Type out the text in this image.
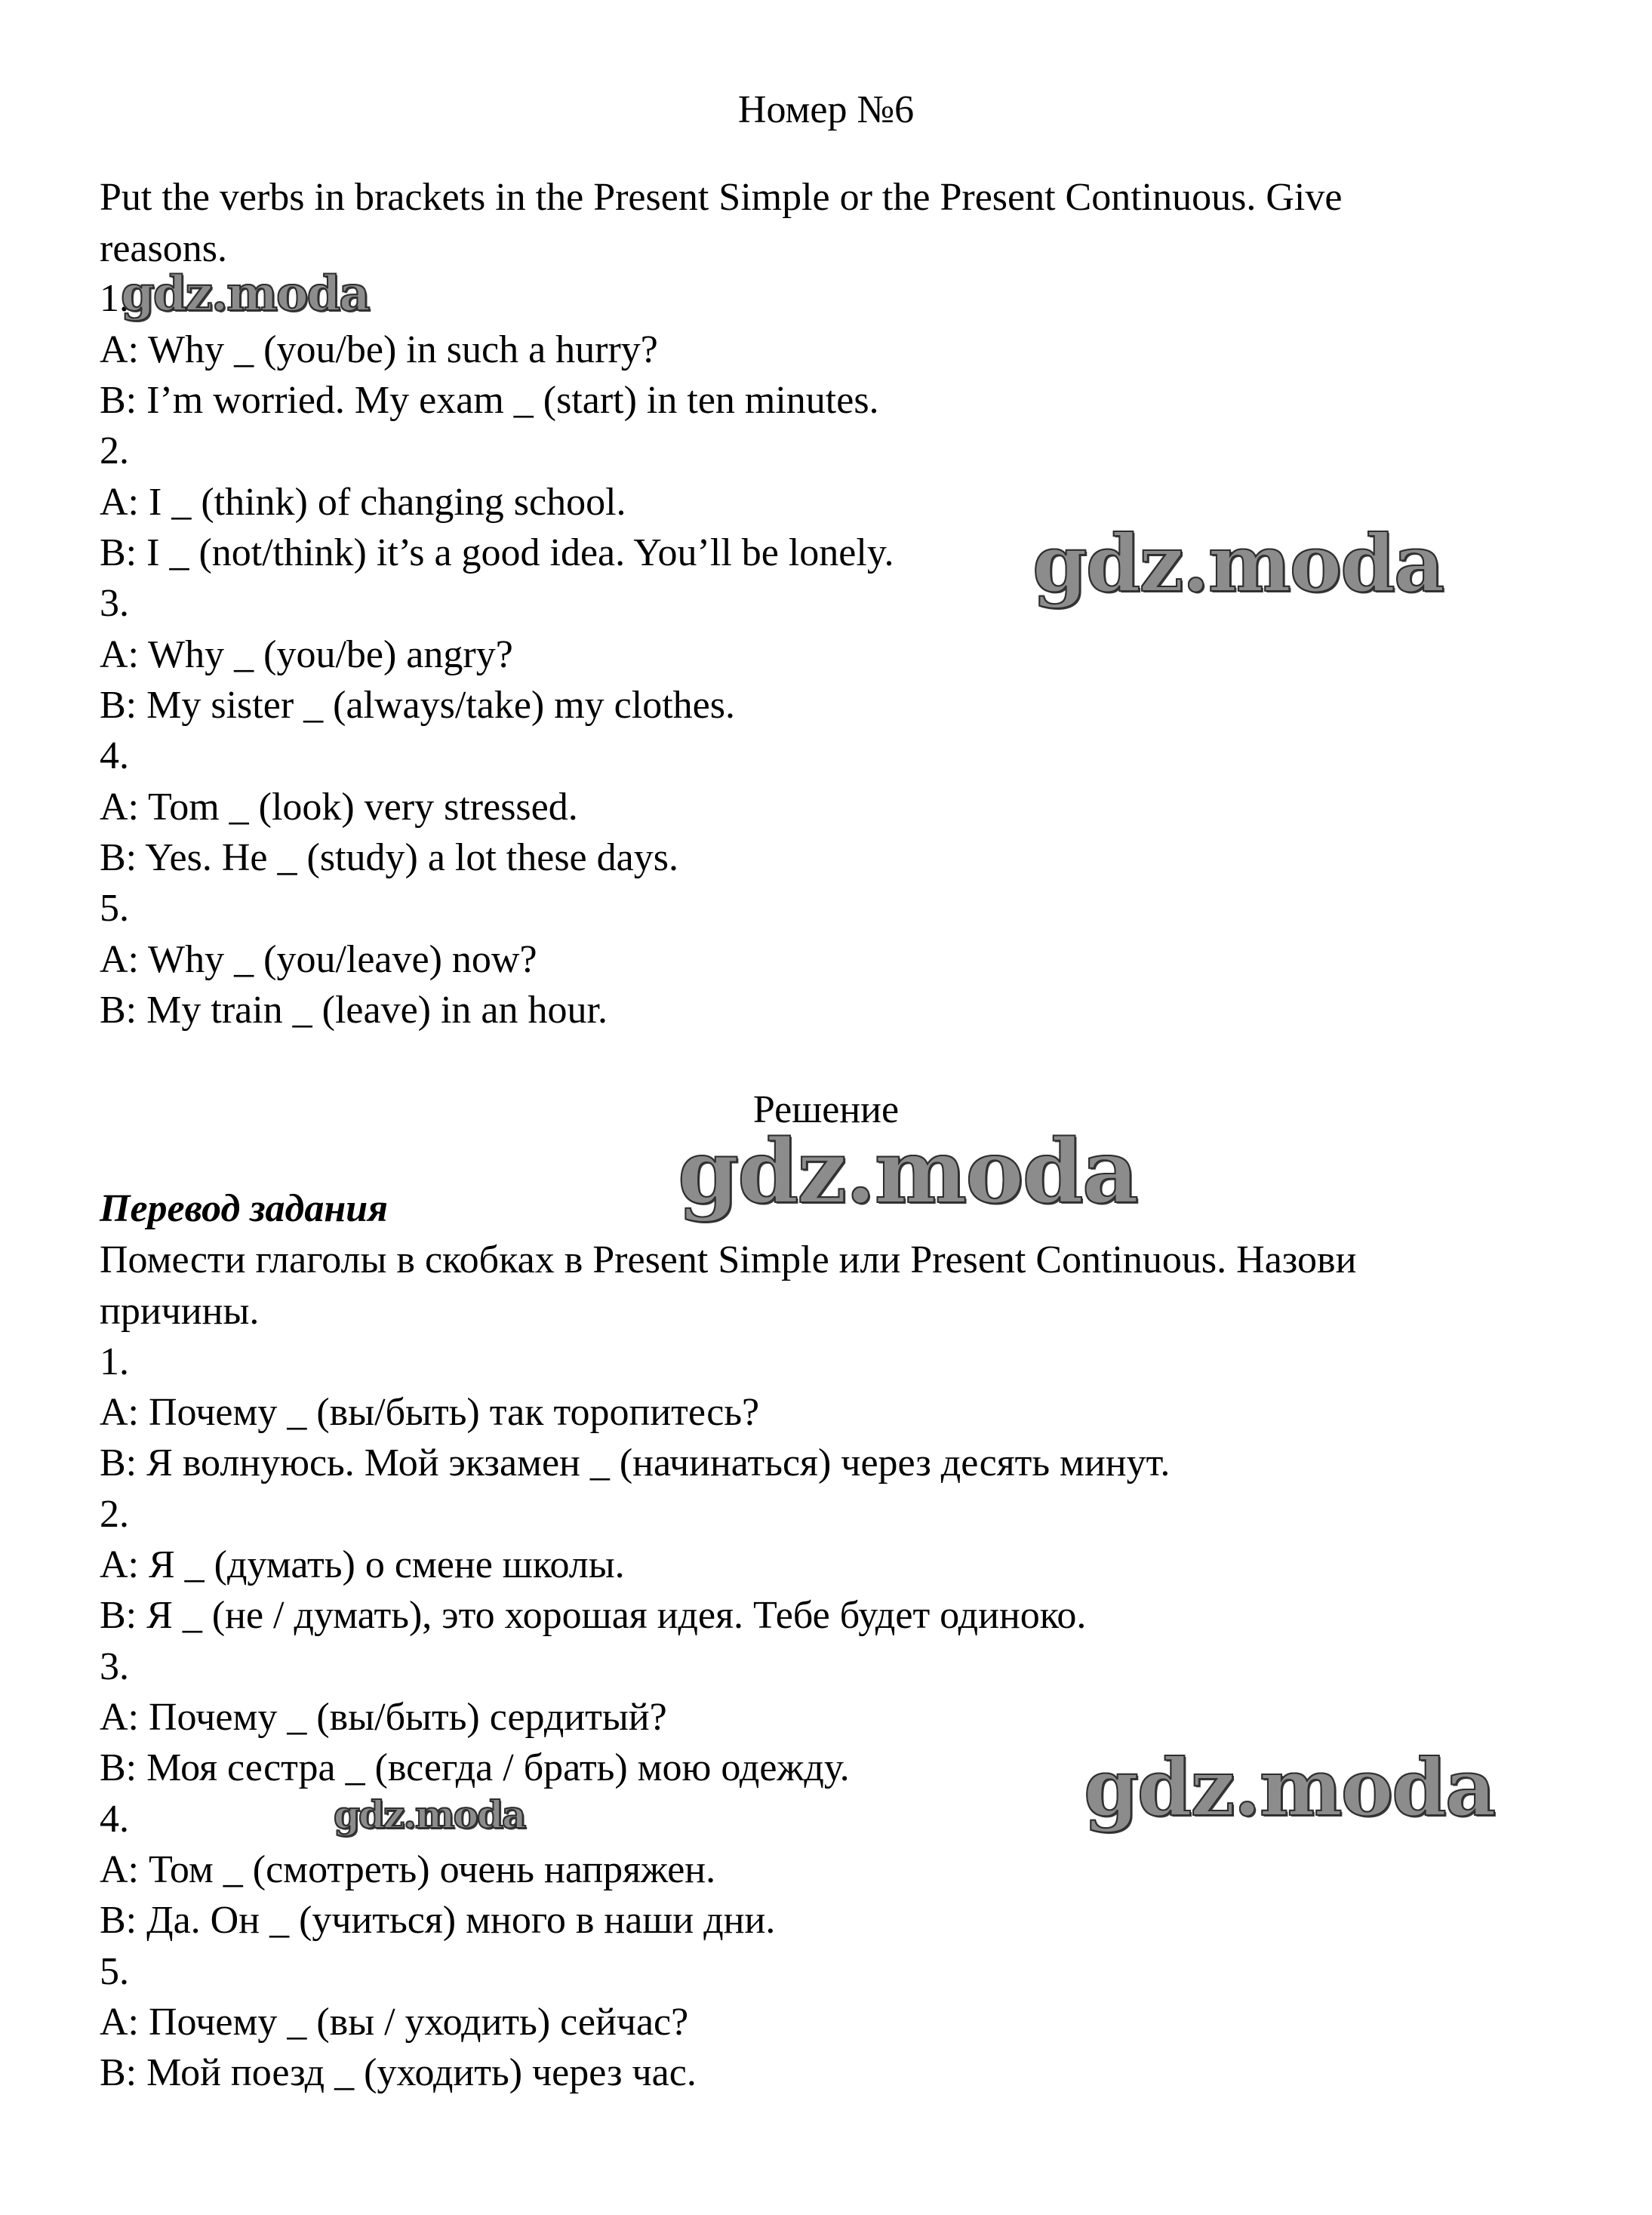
Номер №6
Put the verbs in brackets in the Present Simple or the Present Continuous. Give
reasons.
1.
A: Why _ (you/be) in such a hurry?
B: I’m worried. My exam _ (start) in ten minutes.
2.
A: I _ (think) of changing school.
B: I _ (not/think) it’s a good idea. You’ll be lonely.
3.
A: Why _ (you/be) angry?
B: My sister _ (always/take) my clothes.
4.
A: Tom _ (look) very stressed.
B: Yes. He _ (study) a lot these days.
5.
A: Why _ (you/leave) now?
B: My train _ (leave) in an hour.
Решение
Перевод задания
Помести глаголы в скобках в Present Simple или Present Continuous. Назови
причины.
1.
A: Почему _ (вы/быть) так торопитесь?
B: Я волнуюсь. Мой экзамен _ (начинаться) через десять минут.
2.
A: Я _ (думать) о смене школы.
B: Я _ (не / думать), это хорошая идея. Тебе будет одиноко.
3.
A: Почему _ (вы/быть) сердитый?
B: Моя сестра _ (всегда / брать) мою одежду.
4.
A: Том _ (смотреть) очень напряжен.
B: Да. Он _ (учиться) много в наши дни.
5.
A: Почему _ (вы / уходить) сейчас?
B: Мой поезд _ (уходить) через час.
gdz.moda
gdz.moda
gdz.moda
gdz.moda
gdz.moda
